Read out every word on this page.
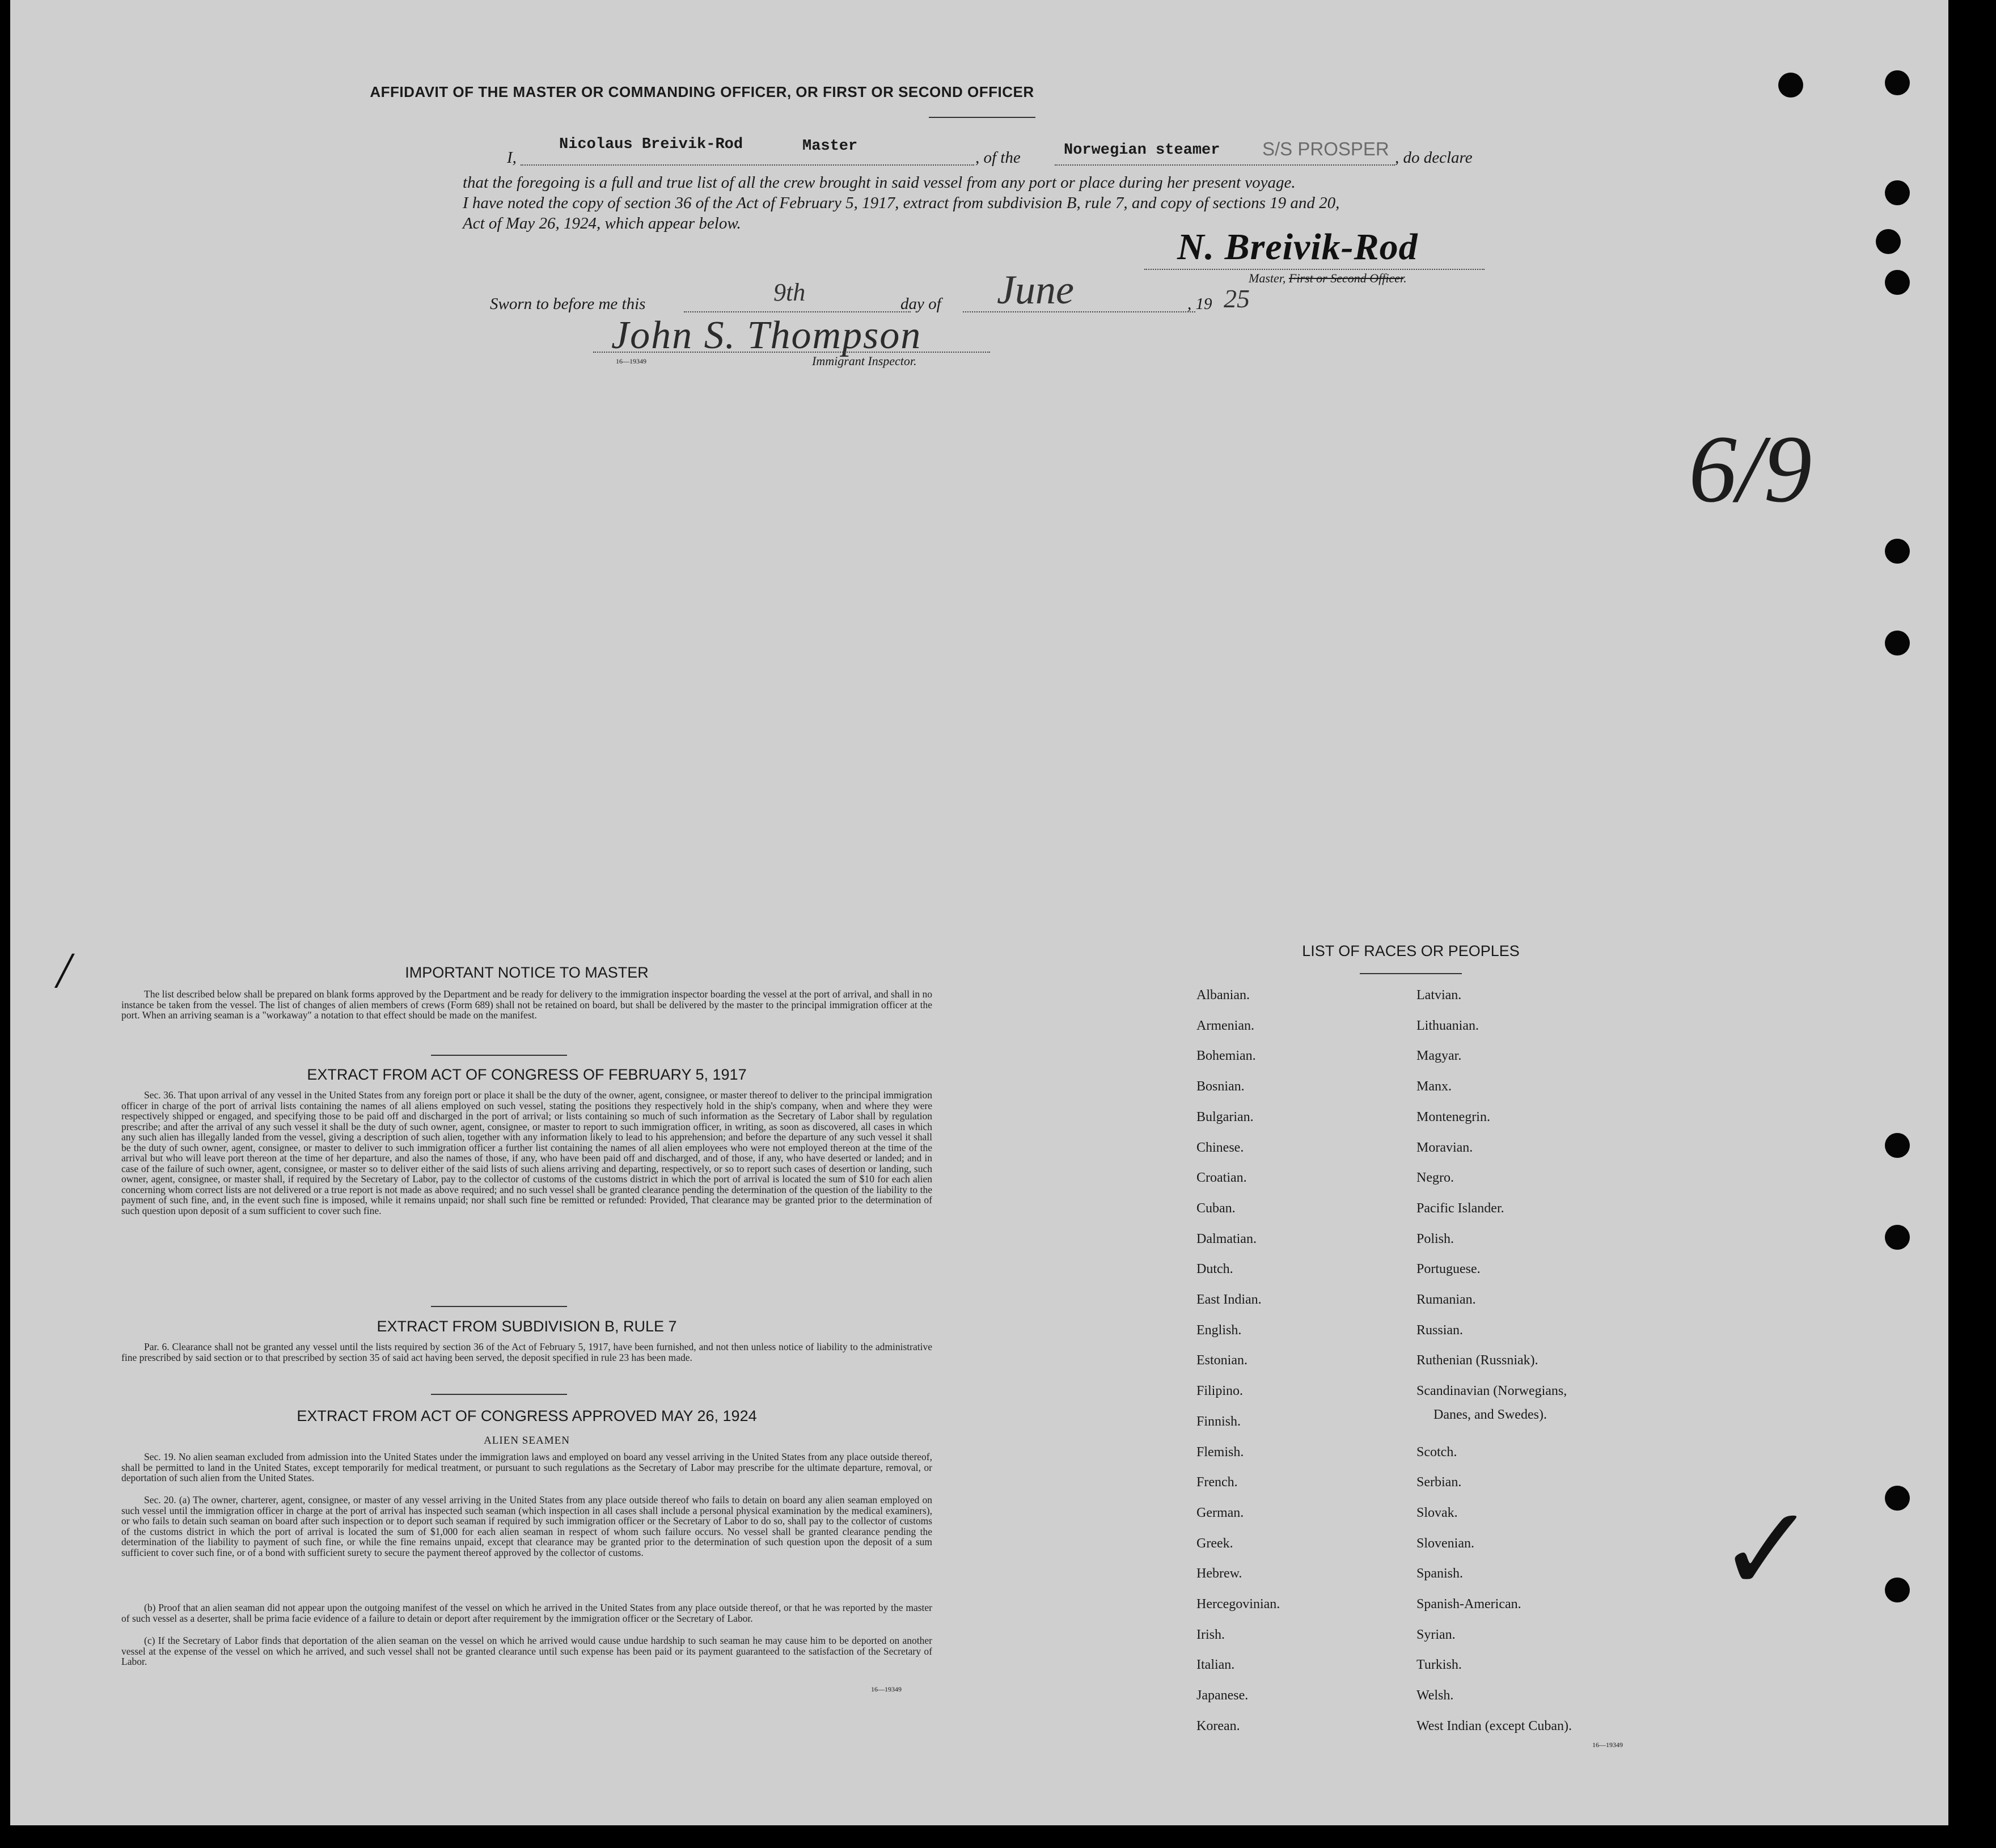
AFFIDAVIT OF THE MASTER OR COMMANDING OFFICER, OR FIRST OR SECOND OFFICER
I,
Nicolaus Breivik-Rod	Master
, of the	Norwegian steamer S/S PROSPER , do declare
that the foregoing is a full and true list of all the crew brought in said vessel from any port or place during her present voyage.
I have noted the copy of section 36 of the Act of February 5, 1917, extract from subdivision B, rule 7, and copy of sections 19 and 20,
Act of May 26, 1924, which appear below.
N. Breivik-Rod
Master, First or Second Officer.
Sworn to before me this	9th	day of June	, 19 25
John S. Thompson
Immigrant Inspector.
16—19349
6/9
✓
/	IMPORTANT NOTICE TO MASTER
The list described below shall be prepared on blank forms approved by the Department and be ready for delivery to the immigration inspector boarding the vessel at the port of arrival, and shall in no instance be taken from the vessel. The list of changes of alien members of crews (Form 689) shall not be retained on board, but shall be delivered by the master to the principal immigration officer at the port. When an arriving seaman is a "workaway" a notation to that effect should be made on the manifest.
EXTRACT FROM ACT OF CONGRESS OF FEBRUARY 5, 1917
Sec. 36. That upon arrival of any vessel in the United States from any foreign port or place it shall be the duty of the owner, agent, consignee, or master thereof to deliver to the principal immigration officer in charge of the port of arrival lists containing the names of all aliens employed on such vessel, stating the positions they respectively hold in the ship's company, when and where they were respectively shipped or engaged, and specifying those to be paid off and discharged in the port of arrival; or lists containing so much of such information as the Secretary of Labor shall by regulation prescribe; and after the arrival of any such vessel it shall be the duty of such owner, agent, consignee, or master to report to such immigration officer, in writing, as soon as discovered, all cases in which any such alien has illegally landed from the vessel, giving a description of such alien, together with any information likely to lead to his apprehension; and before the departure of any such vessel it shall be the duty of such owner, agent, consignee, or master to deliver to such immigration officer a further list containing the names of all alien employees who were not employed thereon at the time of the arrival but who will leave port thereon at the time of her departure, and also the names of those, if any, who have been paid off and discharged, and of those, if any, who have deserted or landed; and in case of the failure of such owner, agent, consignee, or master so to deliver either of the said lists of such aliens arriving and departing, respectively, or so to report such cases of desertion or landing, such owner, agent, consignee, or master shall, if required by the Secretary of Labor, pay to the collector of customs of the customs district in which the port of arrival is located the sum of $10 for each alien concerning whom correct lists are not delivered or a true report is not made as above required; and no such vessel shall be granted clearance pending the determination of the question of the liability to the payment of such fine, and, in the event such fine is imposed, while it remains unpaid; nor shall such fine be remitted or refunded: Provided, That clearance may be granted prior to the determination of such question upon deposit of a sum sufficient to cover such fine.
EXTRACT FROM SUBDIVISION B, RULE 7
Par. 6. Clearance shall not be granted any vessel until the lists required by section 36 of the Act of February 5, 1917, have been furnished, and not then unless notice of liability to the administrative fine prescribed by said section or to that prescribed by section 35 of said act having been served, the deposit specified in rule 23 has been made.
EXTRACT FROM ACT OF CONGRESS APPROVED MAY 26, 1924
ALIEN SEAMEN
Sec. 19. No alien seaman excluded from admission into the United States under the immigration laws and employed on board any vessel arriving in the United States from any place outside thereof, shall be permitted to land in the United States, except temporarily for medical treatment, or pursuant to such regulations as the Secretary of Labor may prescribe for the ultimate departure, removal, or deportation of such alien from the United States.
Sec. 20. (a) The owner, charterer, agent, consignee, or master of any vessel arriving in the United States from any place outside thereof who fails to detain on board any alien seaman employed on such vessel until the immigration officer in charge at the port of arrival has inspected such seaman (which inspection in all cases shall include a personal physical examination by the medical examiners), or who fails to detain such seaman on board after such inspection or to deport such seaman if required by such immigration officer or the Secretary of Labor to do so, shall pay to the collector of customs of the customs district in which the port of arrival is located the sum of $1,000 for each alien seaman in respect of whom such failure occurs. No vessel shall be granted clearance pending the determination of the liability to payment of such fine, or while the fine remains unpaid, except that clearance may be granted prior to the determination of such question upon the deposit of a sum sufficient to cover such fine, or of a bond with sufficient surety to secure the payment thereof approved by the collector of customs.
(b) Proof that an alien seaman did not appear upon the outgoing manifest of the vessel on which he arrived in the United States from any place outside thereof, or that he was reported by the master of such vessel as a deserter, shall be prima facie evidence of a failure to detain or deport after requirement by the immigration officer or the Secretary of Labor.
(c) If the Secretary of Labor finds that deportation of the alien seaman on the vessel on which he arrived would cause undue hardship to such seaman he may cause him to be deported on another vessel at the expense of the vessel on which he arrived, and such vessel shall not be granted clearance until such expense has been paid or its payment guaranteed to the satisfaction of the Secretary of Labor.
16—19349
LIST OF RACES OR PEOPLES
Danes, and Swedes).
16—19349
Albanian.
Armenian.
Bohemian.
Bosnian.
Bulgarian.
Chinese.
Croatian.
Cuban.
Dalmatian.
Dutch.
East Indian.
English.
Estonian.
Filipino.
Finnish.
Flemish.
French.
German.
Greek.
Hebrew.
Hercegovinian.
Irish.
Italian.
Japanese.
Korean.
Latvian.
Lithuanian.
Magyar.
Manx.
Montenegrin.
Moravian.
Negro.
Pacific Islander.
Polish.
Portuguese.
Rumanian.
Russian.
Ruthenian (Russniak).
Scandinavian (Norwegians,
Scotch.
Serbian.
Slovak.
Slovenian.
Spanish.
Spanish-American.
Syrian.
Turkish.
Welsh.
West Indian (except Cuban).
